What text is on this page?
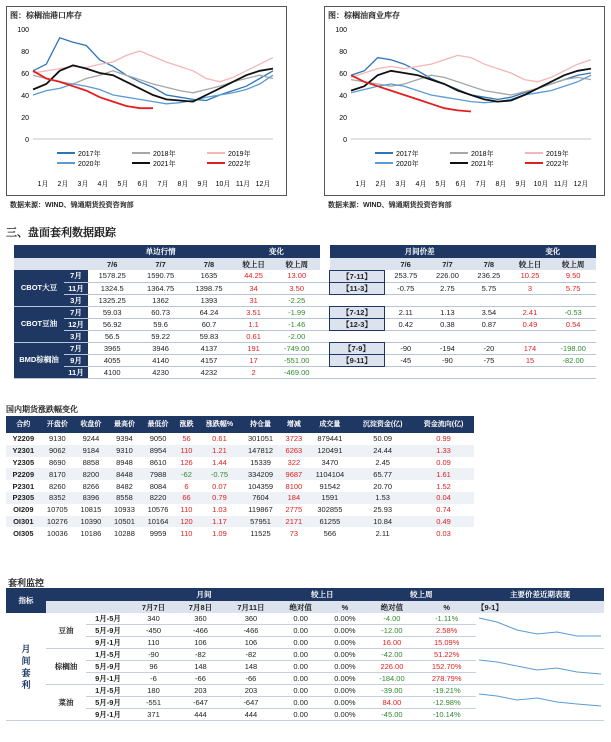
图：棕榈油港口库存
100
80
60
40
20
0
1月 2月 3月 4月 5月 6月 7月 8月 9月 10月 11月 12月
2017年	2018年	2019年
2020年	2021年	2022年
数据来源：WIND、锦通期货投资咨询部
图：棕榈油商业库存
100
80
60
40
20
0
1月 2月 3月 4月 5月 6月 7月 8月 9月 10月 11月 12月
2017年	2018年	2019年
2020年	2021年	2022年
数据来源：WIND、锦通期货投资咨询部
三、盘面套利数据跟踪
		单边行情			变化			月间价差				变化	
		7/6	7/7	7/8	较上日	较上周			7/6	7/7	7/8	较上日	较上周
CBOT大豆	7月	1578.25	1590.75	1635	44.25	13.00		【7-11】	253.75	226.00	236.25	10.25	9.50
	11月	1324.5	1364.75	1398.75	34	3.50		【11-3】	-0.75	2.75	5.75	3	5.75
	3月	1325.25	1362	1393	31	-2.25							
CBOT豆油	7月	59.03	60.73	64.24	3.51	-1.99		【7-12】	2.11	1.13	3.54	2.41	-0.53
	12月	56.92	59.6	60.7	1.1	-1.46		【12-3】	0.42	0.38	0.87	0.49	0.54
	3月	56.5	59.22	59.83	0.61	-2.00							
BMD棕榈油	7月	3965	3946	4137	191	-749.00		【7-9】	-90	-194	-20	174	-198.00
	9月	4055	4140	4157	17	-551.00		【9-11】	-45	-90	-75	15	-82.00
	11月	4100	4230	4232	2	-469.00							
国内期货涨跌幅变化
合约	开盘价	收盘价	最高价	最低价	涨跌	涨跌幅%	持仓量	增减	成交量	沉淀资金(亿)	资金流向(亿)
Y2209	9130	9244	9394	9050	56	0.61	301051	3723	879441	50.09	0.99
Y2301	9062	9184	9310	8954	110	1.21	147812	6263	120491	24.44	1.33
Y2305	8690	8858	8948	8610	126	1.44	15339	322	3470	2.45	0.09
P2209	8170	8200	8448	7988	-62	-0.75	334209	9687	1104104	65.77	1.61
P2301	8260	8266	8482	8084	6	0.07	104359	8100	91542	20.70	1.52
P2305	8352	8396	8558	8220	66	0.79	7604	184	1591	1.53	0.04
OI209	10705	10815	10933	10576	110	1.03	119867	2775	302855	25.93	0.74
OI301	10276	10390	10501	10164	120	1.17	57951	2171	61255	10.84	0.49
OI305	10036	10186	10288	9959	110	1.09	11525	73	566	2.11	0.03
套利监控
指标			月间			较上日		较上周		主要价差近期表现
			7月7日	7月8日	7月11日	绝对值	%	绝对值	%	【9-1】
月
间
套
利	豆油	1月-5月	340	360	360	0.00	0.00%	-4.00	-1.11%	
		5月-9月	-450	-466	-466	0.00	0.00%	-12.00	2.58%	
		9月-1月	110	106	106	0.00	0.00%	16.00	15.09%	
	棕榈油	1月-5月	-90	-82	-82	0.00	0.00%	-42.00	51.22%	
		5月-9月	96	148	148	0.00	0.00%	226.00	152.70%	
		9月-1月	-6	-66	-66	0.00	0.00%	-184.00	278.79%	
	菜油	1月-5月	180	203	203	0.00	0.00%	-39.00	-19.21%	
		5月-9月	-551	-647	-647	0.00	0.00%	84.00	-12.98%	
		9月-1月	371	444	444	0.00	0.00%	-45.00	-10.14%	
